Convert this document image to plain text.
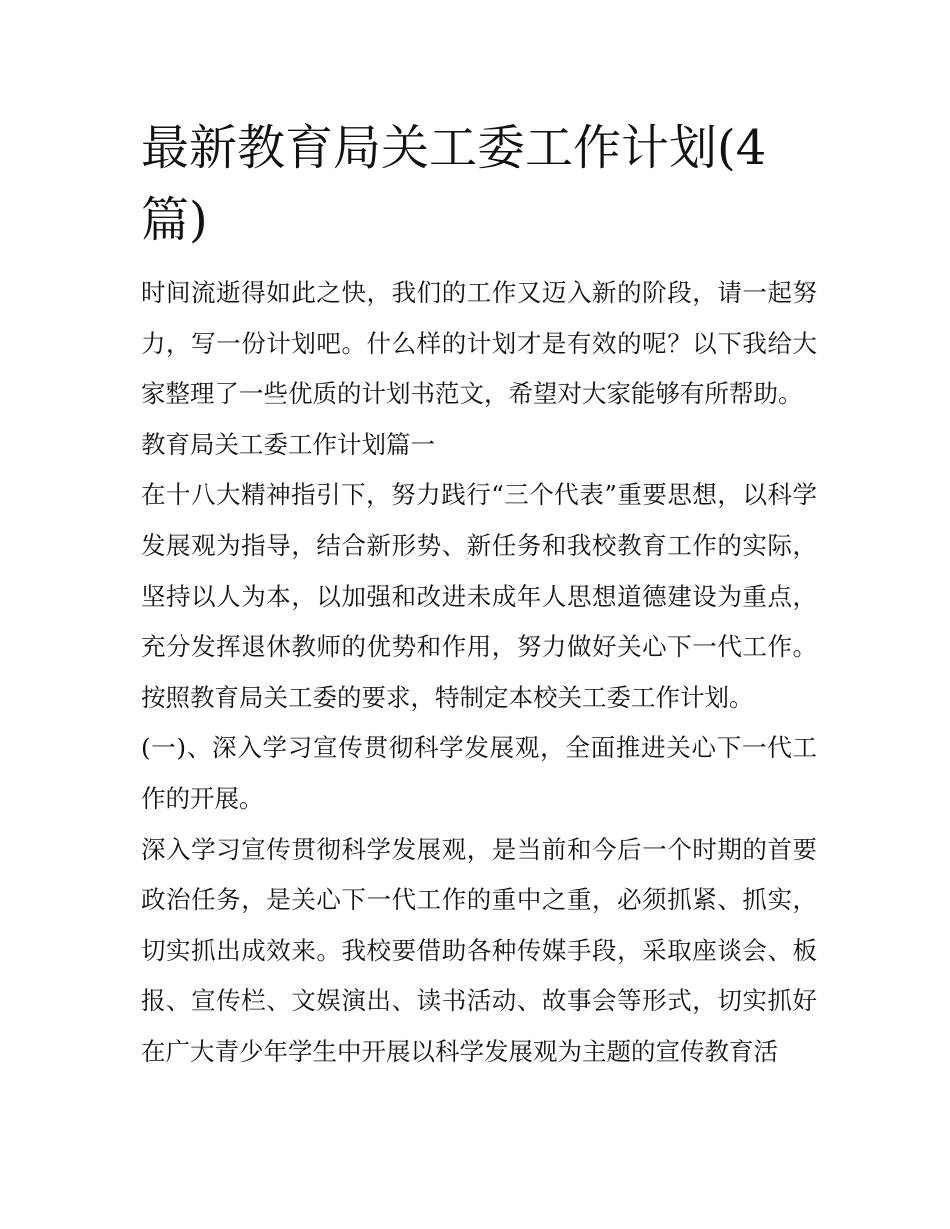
最新教育局关工委工作计划(4篇)

时间流逝得如此之快，我们的工作又迈入新的阶段，请一起努力，写一份计划吧。什么样的计划才是有效的呢？以下我给大家整理了一些优质的计划书范文，希望对大家能够有所帮助。

教育局关工委工作计划篇一

在十八大精神指引下，努力践行“三个代表”重要思想，以科学发展观为指导，结合新形势、新任务和我校教育工作的实际，坚持以人为本，以加强和改进未成年人思想道德建设为重点，充分发挥退休教师的优势和作用，努力做好关心下一代工作。按照教育局关工委的要求，特制定本校关工委工作计划。

(一)、深入学习宣传贯彻科学发展观，全面推进关心下一代工作的开展。

深入学习宣传贯彻科学发展观，是当前和今后一个时期的首要政治任务，是关心下一代工作的重中之重，必须抓紧、抓实，切实抓出成效来。我校要借助各种传媒手段，采取座谈会、板报、宣传栏、文娱演出、读书活动、故事会等形式，切实抓好在广大青少年学生中开展以科学发展观为主题的宣传教育活
